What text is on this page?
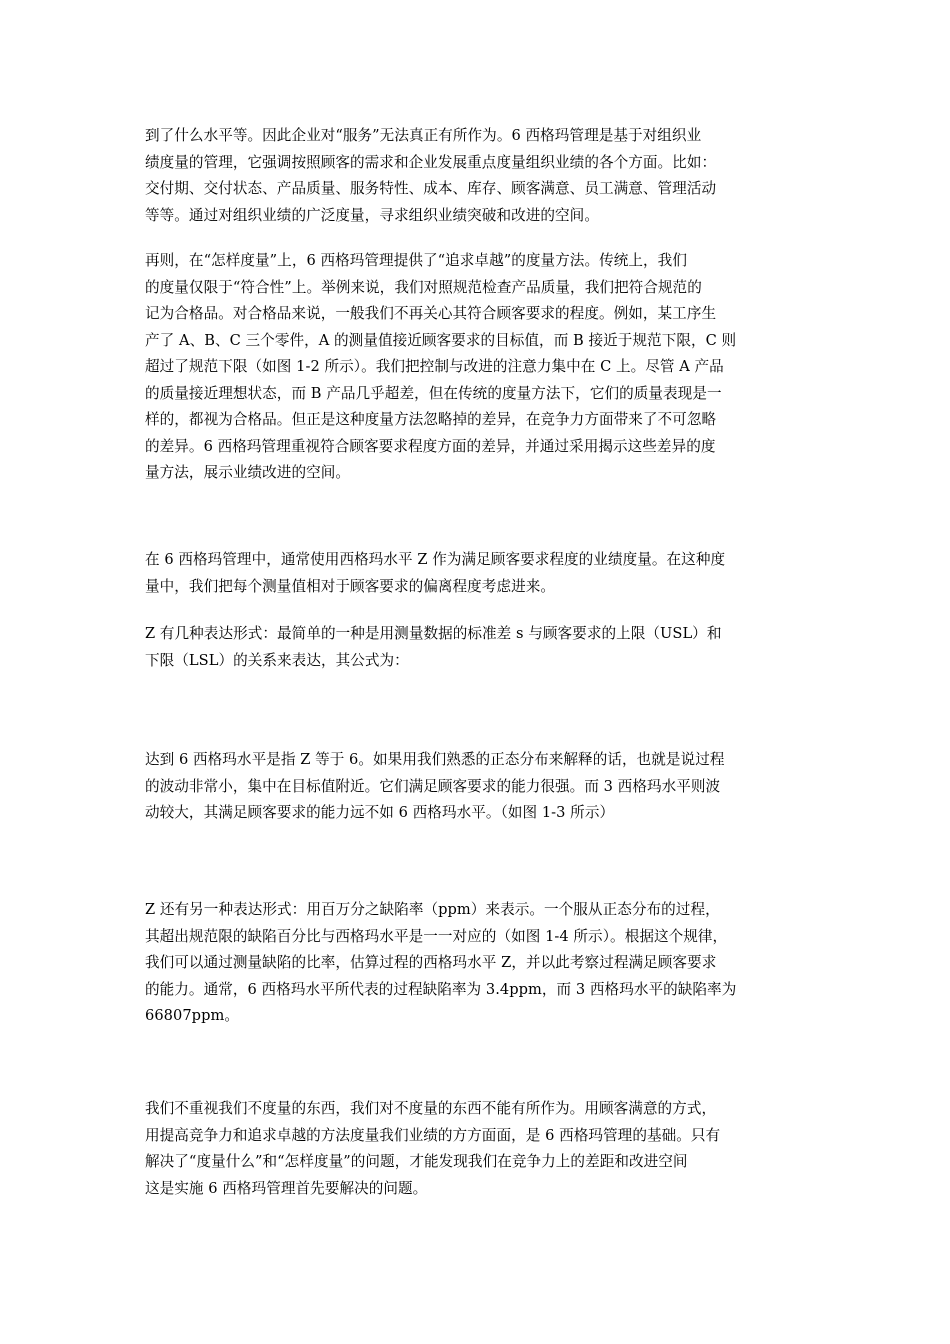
到了什么水平等。因此企业对“服务”无法真正有所作为。6 西格玛管理是基于对组织业
绩度量的管理，它强调按照顾客的需求和企业发展重点度量组织业绩的各个方面。比如：
交付期、交付状态、产品质量、服务特性、成本、库存、顾客满意、员工满意、管理活动
等等。通过对组织业绩的广泛度量，寻求组织业绩突破和改进的空间。

再则，在“怎样度量”上，6 西格玛管理提供了“追求卓越”的度量方法。传统上，我们
的度量仅限于“符合性”上。举例来说，我们对照规范检查产品质量，我们把符合规范的
记为合格品。对合格品来说，一般我们不再关心其符合顾客要求的程度。例如，某工序生
产了 A、B、C 三个零件，A 的测量值接近顾客要求的目标值，而 B 接近于规范下限，C 则
超过了规范下限（如图 1-2 所示）。我们把控制与改进的注意力集中在 C 上。尽管 A 产品
的质量接近理想状态，而 B 产品几乎超差，但在传统的度量方法下，它们的质量表现是一
样的，都视为合格品。但正是这种度量方法忽略掉的差异，在竞争力方面带来了不可忽略
的差异。6 西格玛管理重视符合顾客要求程度方面的差异，并通过采用揭示这些差异的度
量方法，展示业绩改进的空间。

在 6 西格玛管理中，通常使用西格玛水平 Z 作为满足顾客要求程度的业绩度量。在这种度
量中，我们把每个测量值相对于顾客要求的偏离程度考虑进来。

Z 有几种表达形式：最简单的一种是用测量数据的标准差 s 与顾客要求的上限（USL）和
下限（LSL）的关系来表达，其公式为：

达到 6 西格玛水平是指 Z 等于 6。如果用我们熟悉的正态分布来解释的话，也就是说过程
的波动非常小，集中在目标值附近。它们满足顾客要求的能力很强。而 3 西格玛水平则波
动较大，其满足顾客要求的能力远不如 6 西格玛水平。（如图 1-3 所示）

Z 还有另一种表达形式：用百万分之缺陷率（ppm）来表示。一个服从正态分布的过程，
其超出规范限的缺陷百分比与西格玛水平是一一对应的（如图 1-4 所示）。根据这个规律，
我们可以通过测量缺陷的比率，估算过程的西格玛水平 Z，并以此考察过程满足顾客要求
的能力。通常，6 西格玛水平所代表的过程缺陷率为 3.4ppm，而 3 西格玛水平的缺陷率为
66807ppm。

我们不重视我们不度量的东西，我们对不度量的东西不能有所作为。用顾客满意的方式，
用提高竞争力和追求卓越的方法度量我们业绩的方方面面，是 6 西格玛管理的基础。只有
解决了“度量什么”和“怎样度量”的问题，才能发现我们在竞争力上的差距和改进空间
这是实施 6 西格玛管理首先要解决的问题。
